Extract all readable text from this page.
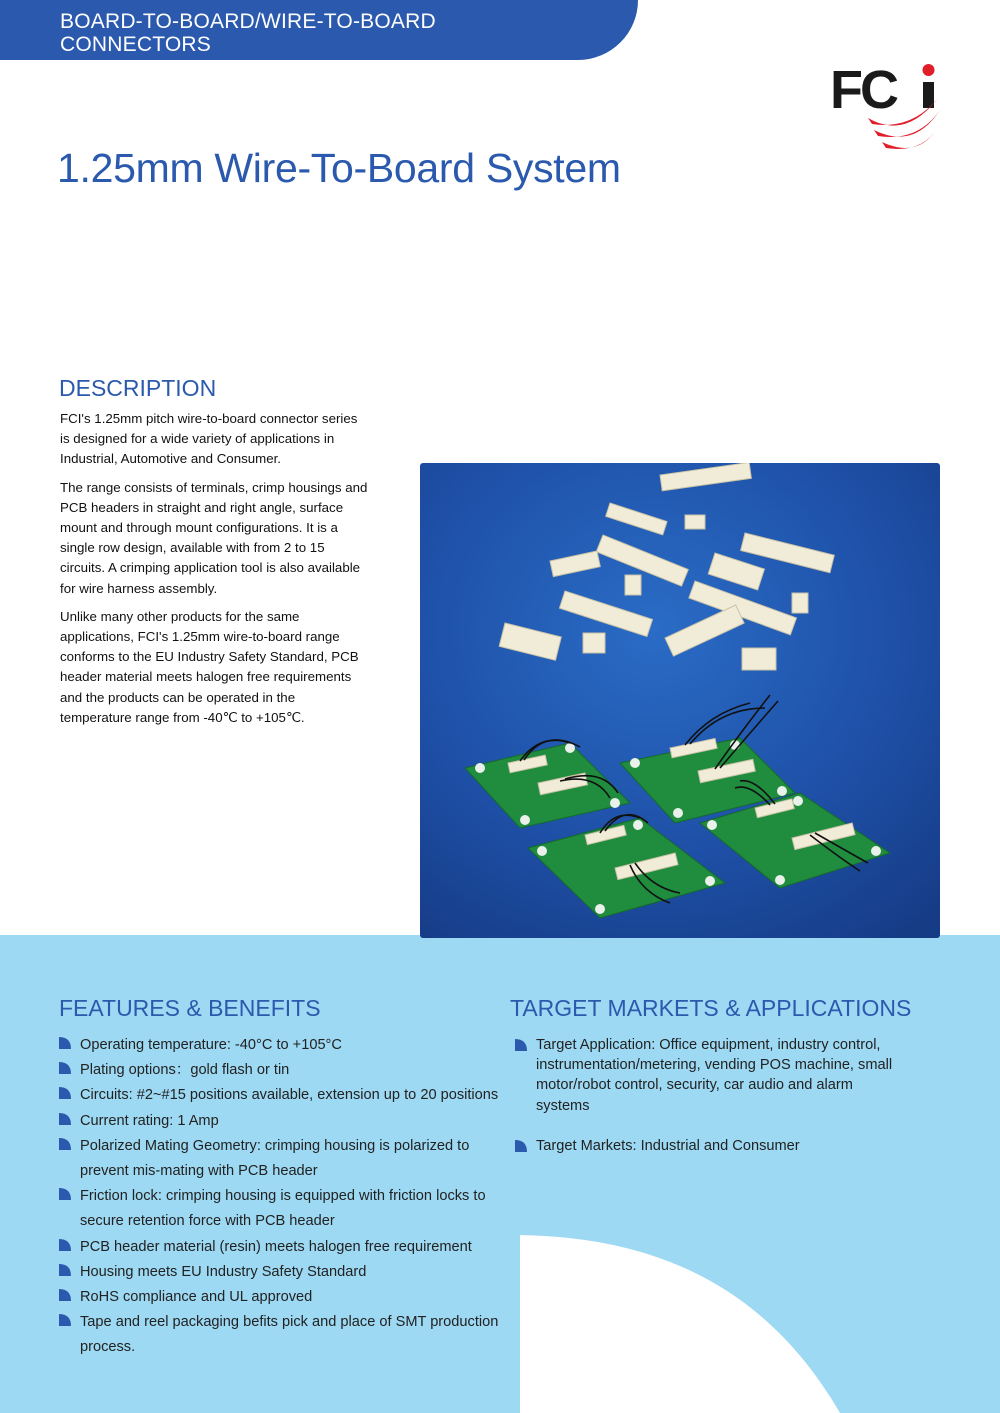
BOARD-TO-BOARD/WIRE-TO-BOARD
CONNECTORS
FC
1.25mm Wire-To-Board System
DESCRIPTION

FCI's 1.25mm pitch wire-to-board connector series is designed for a wide variety of applications in Industrial, Automotive and Consumer.

The range consists of terminals, crimp housings and PCB headers in straight and right angle, surface mount and through mount configurations. It is a single row design, available with from 2 to 15 circuits. A crimping application tool is also available for wire harness assembly.

Unlike many other products for the same applications, FCI's 1.25mm wire-to-board range conforms to the EU Industry Safety Standard, PCB header material meets halogen free requirements and the products can be operated in the temperature range from -40℃ to +105℃.

FEATURES & BENEFITS
Operating temperature: -40°C to +105°C
Plating options：gold flash or tin
Circuits: #2~#15 positions available, extension up to 20 positions
Current rating: 1 Amp
Polarized Mating Geometry: crimping housing is polarized to prevent mis-mating with PCB header
Friction lock: crimping housing is equipped with friction locks to secure retention force with PCB header
PCB header material (resin) meets halogen free requirement
Housing meets EU Industry Safety Standard
RoHS compliance and UL approved
Tape and reel packaging befits pick and place of SMT production process.
TARGET MARKETS & APPLICATIONS
Target Application: Office equipment, industry control, instrumentation/metering, vending POS machine, small motor/robot control, security, car audio and alarm systems
Target Markets: Industrial and Consumer
